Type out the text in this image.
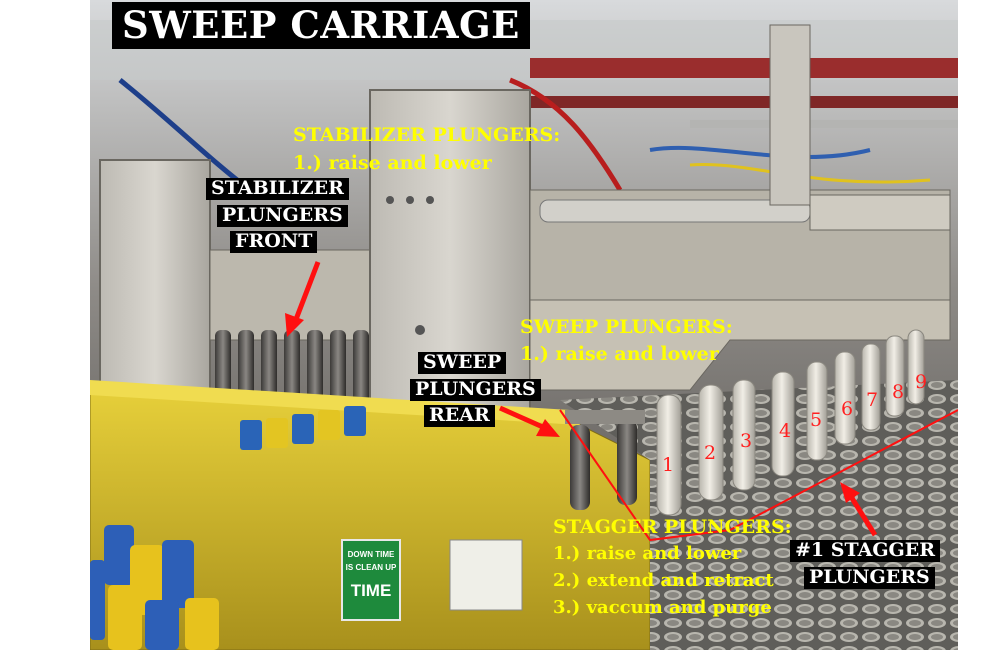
DOWN TIME
IS CLEAN UP
TIME
SWEEP CARRIAGE
STABILIZER PLUNGERS:
1.) raise and lower
STABILIZER
PLUNGERS
FRONT
SWEEP PLUNGERS:
1.) raise and lower
SWEEP
PLUNGERS
REAR
1
2
3 4 5 6 7 8 9
STAGGER PLUNGERS:
1.) raise and lower
2.) extend and retract
3.) vaccum and purge
#1 STAGGER
PLUNGERS
